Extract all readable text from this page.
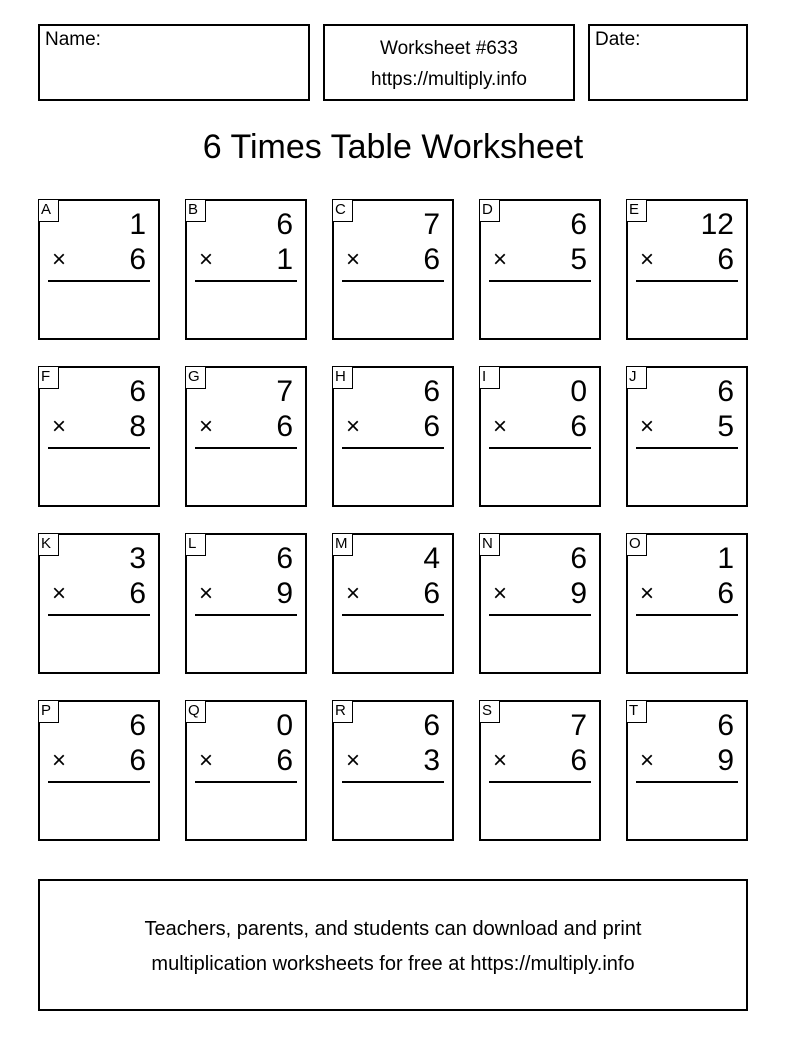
Name:	Worksheet #633
https://multiply.info
Date:
6 Times Table Worksheet
A	1
× 6
B	6
× 1
C	7
× 6
D	6
× 5
E 12
× 6
F	6
× 8
G	7
× 6
H	6
× 6
I	0
× 6
J	6
× 5
K	3
× 6
L	6
× 9
M	4
× 6
N	6
× 9
O	1
× 6
P	6
× 6
Q	0
× 6
R	6
× 3
S	7
× 6
T	6
× 9
Teachers, parents, and students can download and print
multiplication worksheets for free at https://multiply.info
